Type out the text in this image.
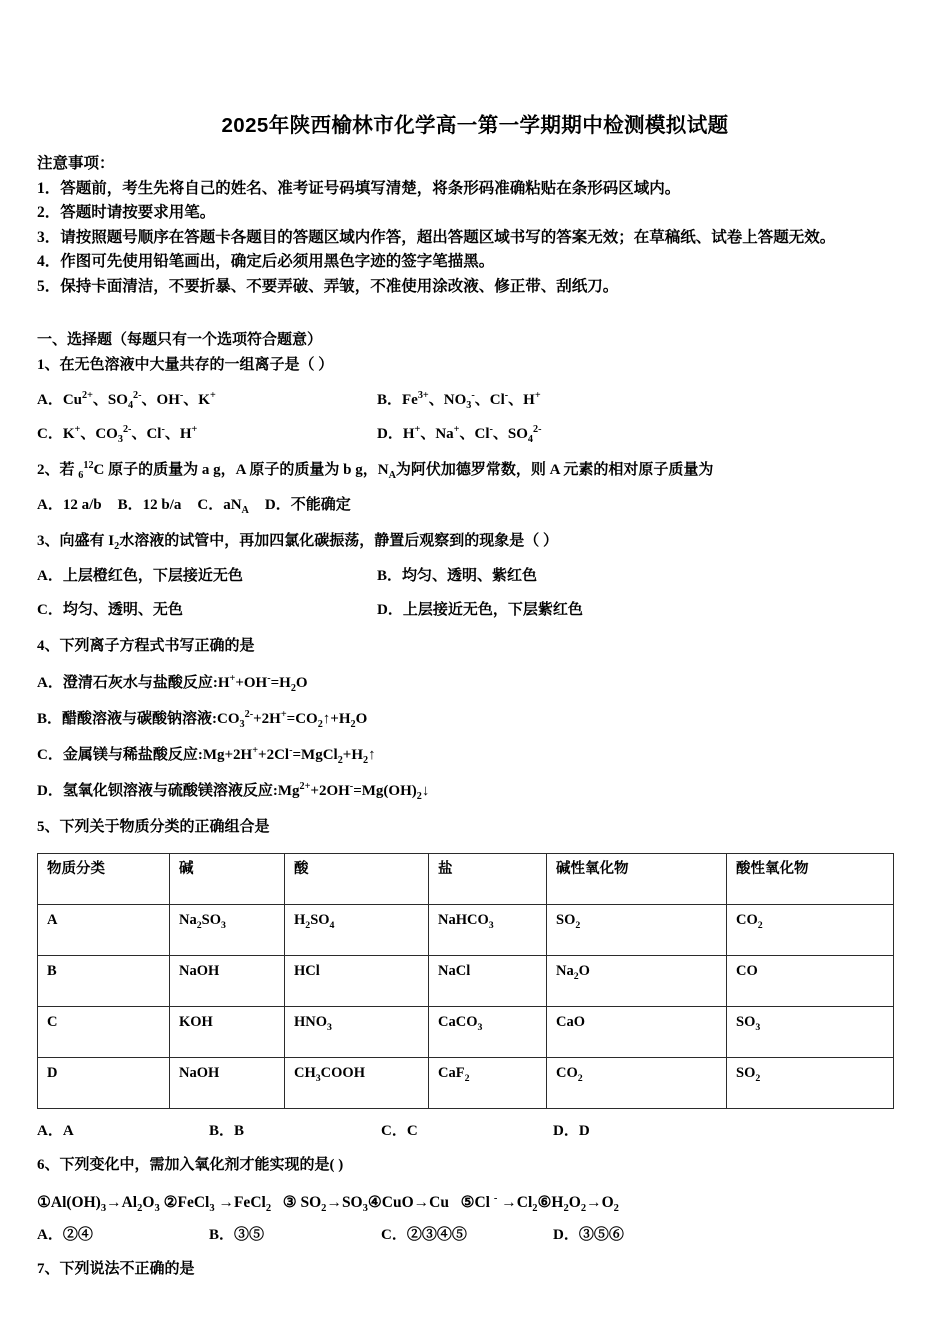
2025年陕西榆林市化学高一第一学期期中检测模拟试题
注意事项：
1．答题前，考生先将自己的姓名、准考证号码填写清楚，将条形码准确粘贴在条形码区域内。
2．答题时请按要求用笔。
3．请按照题号顺序在答题卡各题目的答题区域内作答，超出答题区域书写的答案无效；在草稿纸、试卷上答题无效。
4．作图可先使用铅笔画出，确定后必须用黑色字迹的签字笔描黑。
5．保持卡面清洁，不要折暴、不要弄破、弄皱，不准使用涂改液、修正带、刮纸刀。
一、选择题（每题只有一个选项符合题意）
1、在无色溶液中大量共存的一组离子是（ ）
A．$Cu^{2+}$、$SO_4^{2-}$、OH-、K+	B．$Fe^{3+}$、$NO_3^-$、Cl-、H+
C．K+、$CO_3^{2-}$、Cl-、H+	D．H+、Na+、Cl-、$SO_4^{2-}$
2、若 $_6^{12}$C 原子的质量为 a g，A 原子的质量为 b g，$N_A$为阿伏加德罗常数，则 A 元素的相对原子质量为
A．12 a/b B．12 b/a C．$aN_A$ D．不能确定
3、向盛有 $I_2$水溶液的试管中，再加四氯化碳振荡，静置后观察到的现象是（ ）
A．上层橙红色，下层接近无色	B．均匀、透明、紫红色
C．均匀、透明、无色	D．上层接近无色，下层紫红色
4、下列离子方程式书写正确的是
A．澄清石灰水与盐酸反应$:H^++OH^-=H_2O$
B．醋酸溶液与碳酸钠溶液$:CO_3^{2-}+2H^+=CO_2↑+H_2O$
C．金属镁与稀盐酸反应$:Mg+2H^++2Cl^-=MgCl_2+H_2↑$
D．氢氧化钡溶液与硫酸镁溶液反应$:Mg^{2+}+2OH^-=Mg(OH)_2↓$
5、下列关于物质分类的正确组合是
物质分类	碱	酸	盐	碱性氧化物	酸性氧化物
A	$Na_2SO_3$	$H_2SO_4$	NaHCO$_3$	$SO_2$	$CO_2$
B	NaOH	HCl	NaCl	$Na_2O$	CO
C	KOH	$HNO_3$	CaCO$_3$	CaO	$SO_3$
D	NaOH	$CH_3COOH$	CaF$_2$	$CO_2$	$SO_2$
A．A	B．B	C．C	D．D
6、下列变化中，需加入氧化剂才能实现的是( )
$①Al(OH)_3\to Al_2O_3$ ②FeCl$_3$ →FeCl$_2$   ③ $SO_2\to SO_3④CuO\to Cu$   ⑤Cl $^- \to Cl_2⑥H_2O_2\to O_2$
A．②④	B．③⑤	C．②③④⑤	D．③⑤⑥
7、下列说法不正确的是
